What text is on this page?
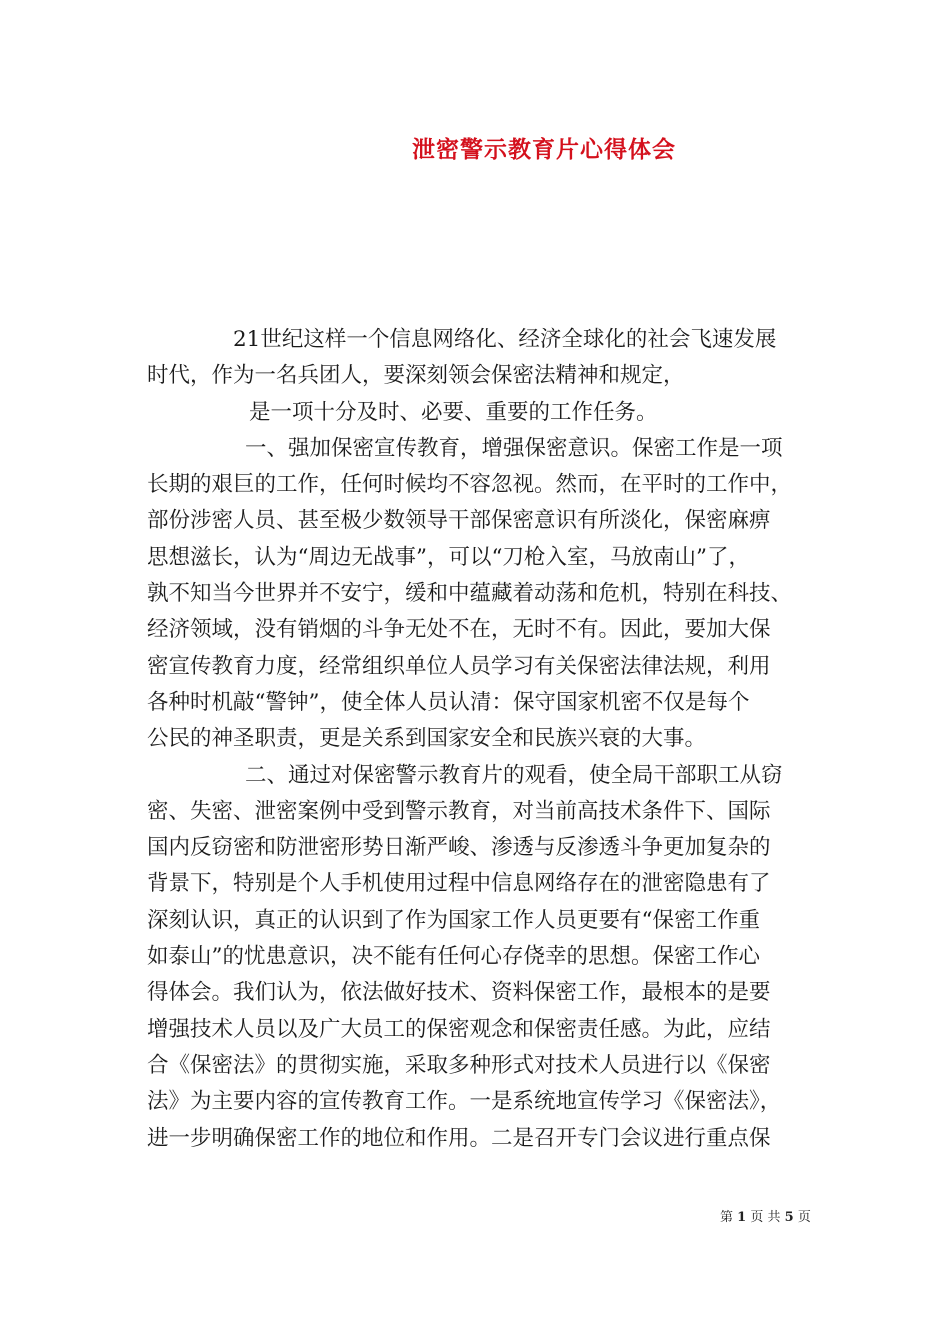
泄密警示教育片心得体会
21世纪这样一个信息网络化、经济全球化的社会飞速发展
时代，作为一名兵团人，要深刻领会保密法精神和规定，
是一项十分及时、必要、重要的工作任务。
一、强加保密宣传教育，增强保密意识。保密工作是一项
长期的艰巨的工作，任何时候均不容忽视。然而，在平时的工作中，
部份涉密人员、甚至极少数领导干部保密意识有所淡化，保密麻痹
思想滋长，认为“周边无战事”，可以“刀枪入室，马放南山”了，
孰不知当今世界并不安宁，缓和中蕴藏着动荡和危机，特别在科技、
经济领域，没有销烟的斗争无处不在，无时不有。因此，要加大保
密宣传教育力度，经常组织单位人员学习有关保密法律法规，利用
各种时机敲“警钟”，使全体人员认清：保守国家机密不仅是每个
公民的神圣职责，更是关系到国家安全和民族兴衰的大事。
二、通过对保密警示教育片的观看，使全局干部职工从窃
密、失密、泄密案例中受到警示教育，对当前高技术条件下、国际
国内反窃密和防泄密形势日渐严峻、渗透与反渗透斗争更加复杂的
背景下，特别是个人手机使用过程中信息网络存在的泄密隐患有了
深刻认识，真正的认识到了作为国家工作人员更要有“保密工作重
如泰山”的忧患意识，决不能有任何心存侥幸的思想。保密工作心
得体会。我们认为，依法做好技术、资料保密工作，最根本的是要
增强技术人员以及广大员工的保密观念和保密责任感。为此，应结
合《保密法》的贯彻实施，采取多种形式对技术人员进行以《保密
法》为主要内容的宣传教育工作。一是系统地宣传学习《保密法》，
进一步明确保密工作的地位和作用。二是召开专门会议进行重点保
第 1 页 共 5 页
